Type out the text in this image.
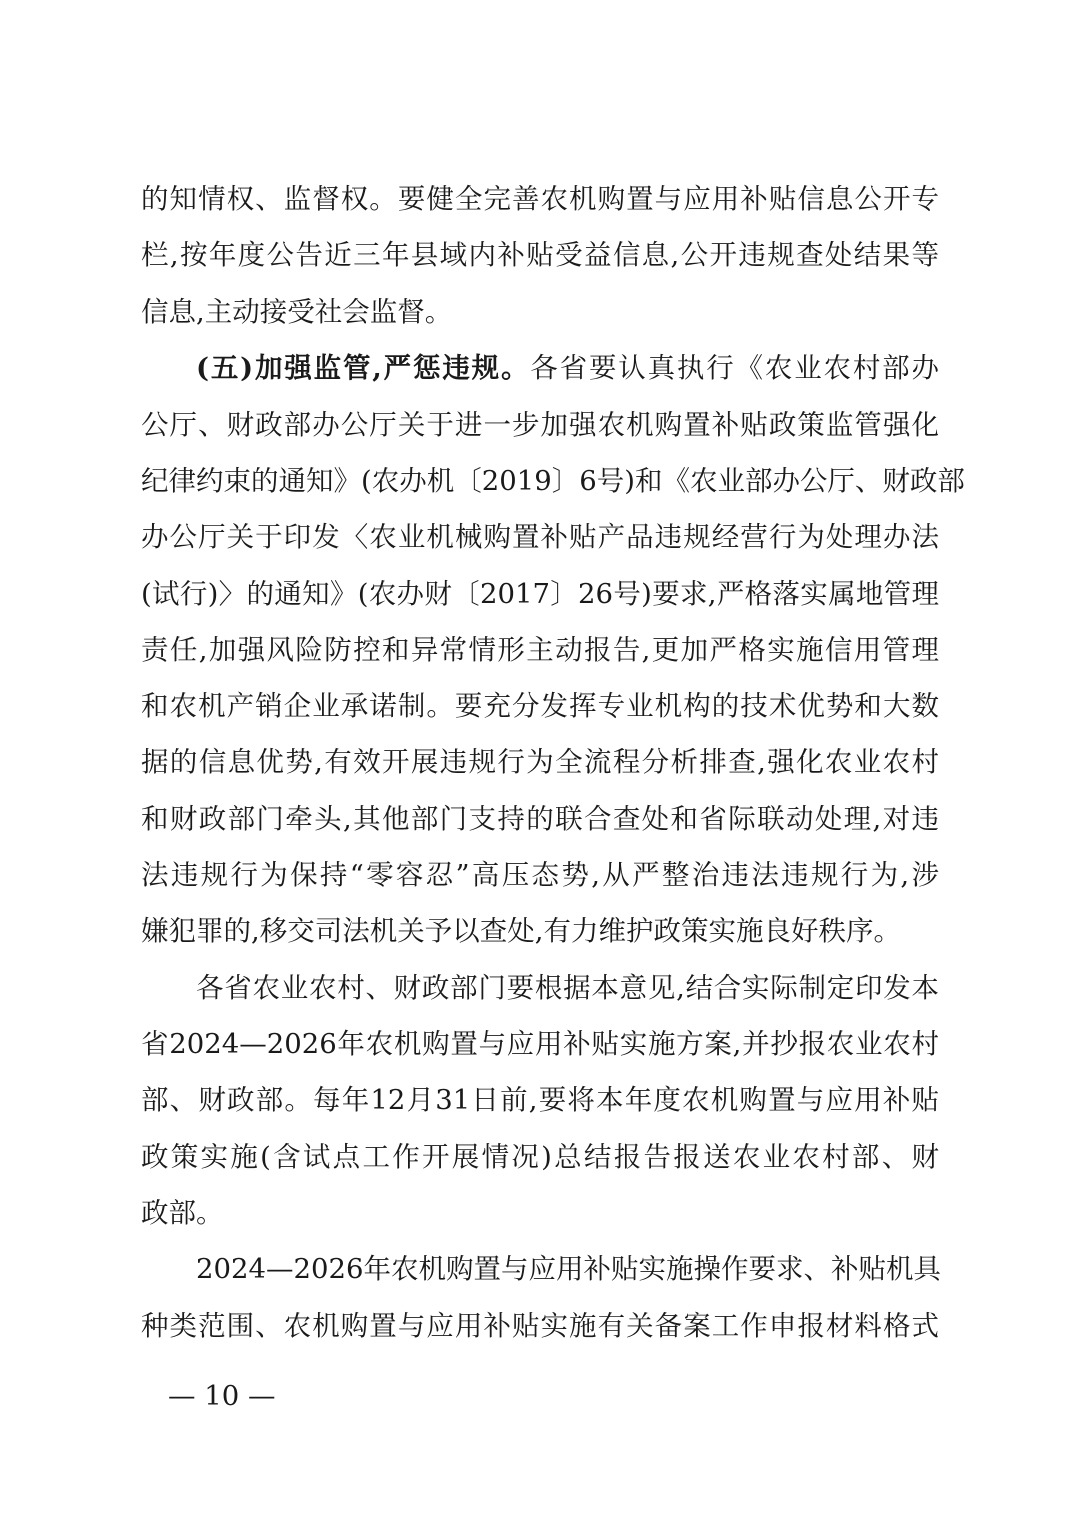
的知情权、监督权。要健全完善农机购置与应用补贴信息公开专
栏,按年度公告近三年县域内补贴受益信息,公开违规查处结果等
信息,主动接受社会监督。
(五)加强监管,严惩违规。各省要认真执行《农业农村部办
公厅、财政部办公厅关于进一步加强农机购置补贴政策监管强化
纪律约束的通知》(农办机〔2019〕6号)和《农业部办公厅、财政部
办公厅关于印发〈农业机械购置补贴产品违规经营行为处理办法
(试行)〉的通知》(农办财〔2017〕26号)要求,严格落实属地管理
责任,加强风险防控和异常情形主动报告,更加严格实施信用管理
和农机产销企业承诺制。要充分发挥专业机构的技术优势和大数
据的信息优势,有效开展违规行为全流程分析排查,强化农业农村
和财政部门牵头,其他部门支持的联合查处和省际联动处理,对违
法违规行为保持“零容忍”高压态势,从严整治违法违规行为,涉
嫌犯罪的,移交司法机关予以查处,有力维护政策实施良好秩序。
各省农业农村、财政部门要根据本意见,结合实际制定印发本
省2024—2026年农机购置与应用补贴实施方案,并抄报农业农村
部、财政部。每年12月31日前,要将本年度农机购置与应用补贴
政策实施(含试点工作开展情况)总结报告报送农业农村部、财
政部。
2024—2026年农机购置与应用补贴实施操作要求、补贴机具
种类范围、农机购置与应用补贴实施有关备案工作申报材料格式
— 10 —
